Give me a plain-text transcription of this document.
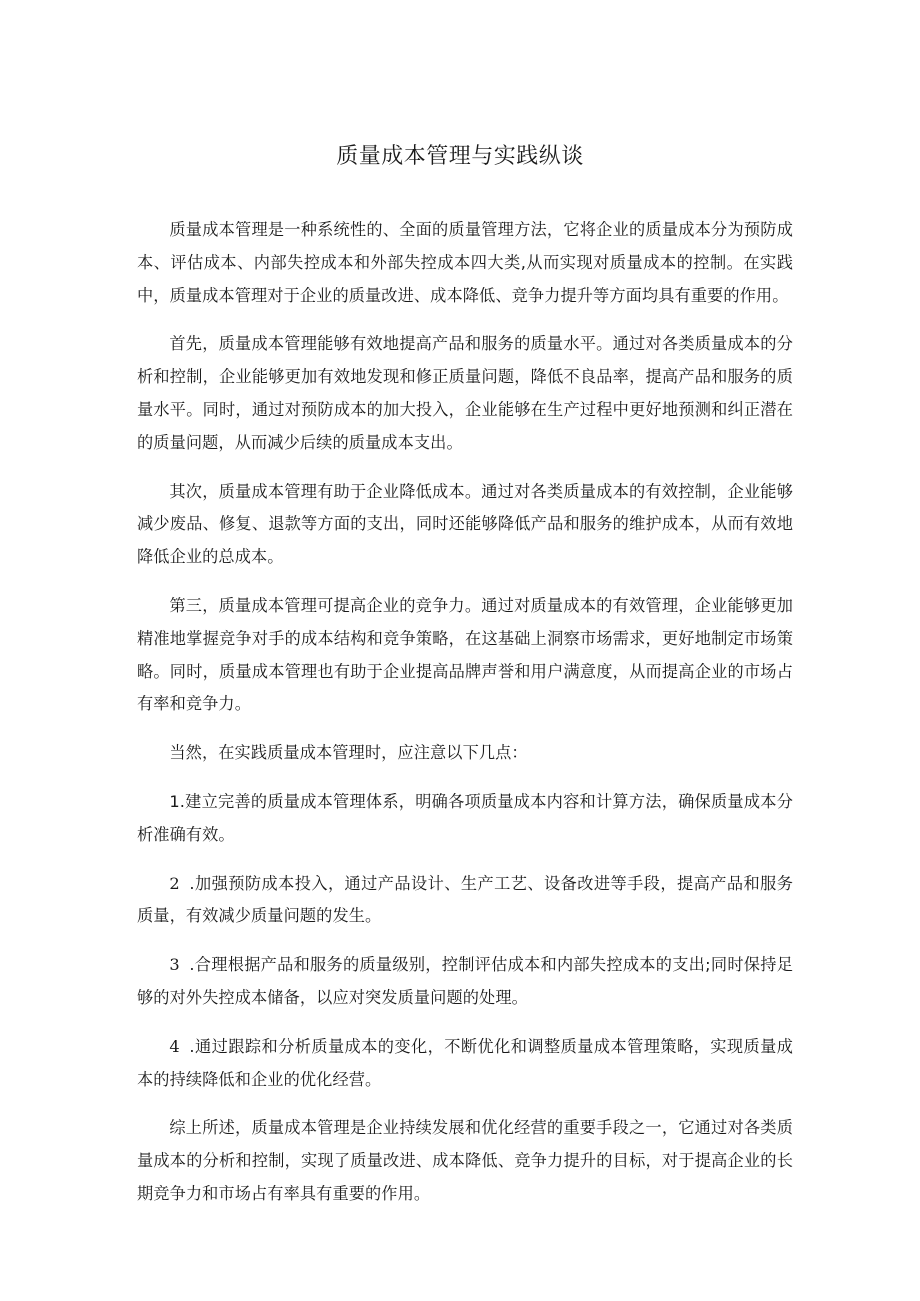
质量成本管理与实践纵谈

质量成本管理是一种系统性的、全面的质量管理方法，它将企业的质量成本分为预防成本、评估成本、内部失控成本和外部失控成本四大类,从而实现对质量成本的控制。在实践中，质量成本管理对于企业的质量改进、成本降低、竞争力提升等方面均具有重要的作用。

首先，质量成本管理能够有效地提高产品和服务的质量水平。通过对各类质量成本的分析和控制，企业能够更加有效地发现和修正质量问题，降低不良品率，提高产品和服务的质量水平。同时，通过对预防成本的加大投入，企业能够在生产过程中更好地预测和纠正潜在的质量问题，从而减少后续的质量成本支出。

其次，质量成本管理有助于企业降低成本。通过对各类质量成本的有效控制，企业能够减少废品、修复、退款等方面的支出，同时还能够降低产品和服务的维护成本，从而有效地降低企业的总成本。

第三，质量成本管理可提高企业的竞争力。通过对质量成本的有效管理，企业能够更加精准地掌握竞争对手的成本结构和竞争策略，在这基础上洞察市场需求，更好地制定市场策略。同时，质量成本管理也有助于企业提高品牌声誉和用户满意度，从而提高企业的市场占有率和竞争力。

当然，在实践质量成本管理时，应注意以下几点：

1.建立完善的质量成本管理体系，明确各项质量成本内容和计算方法，确保质量成本分析准确有效。

2 .加强预防成本投入，通过产品设计、生产工艺、设备改进等手段，提高产品和服务质量，有效减少质量问题的发生。

3 .合理根据产品和服务的质量级别，控制评估成本和内部失控成本的支出;同时保持足够的对外失控成本储备，以应对突发质量问题的处理。

4 .通过跟踪和分析质量成本的变化，不断优化和调整质量成本管理策略，实现质量成本的持续降低和企业的优化经营。

综上所述，质量成本管理是企业持续发展和优化经营的重要手段之一，它通过对各类质量成本的分析和控制，实现了质量改进、成本降低、竞争力提升的目标，对于提高企业的长期竞争力和市场占有率具有重要的作用。
